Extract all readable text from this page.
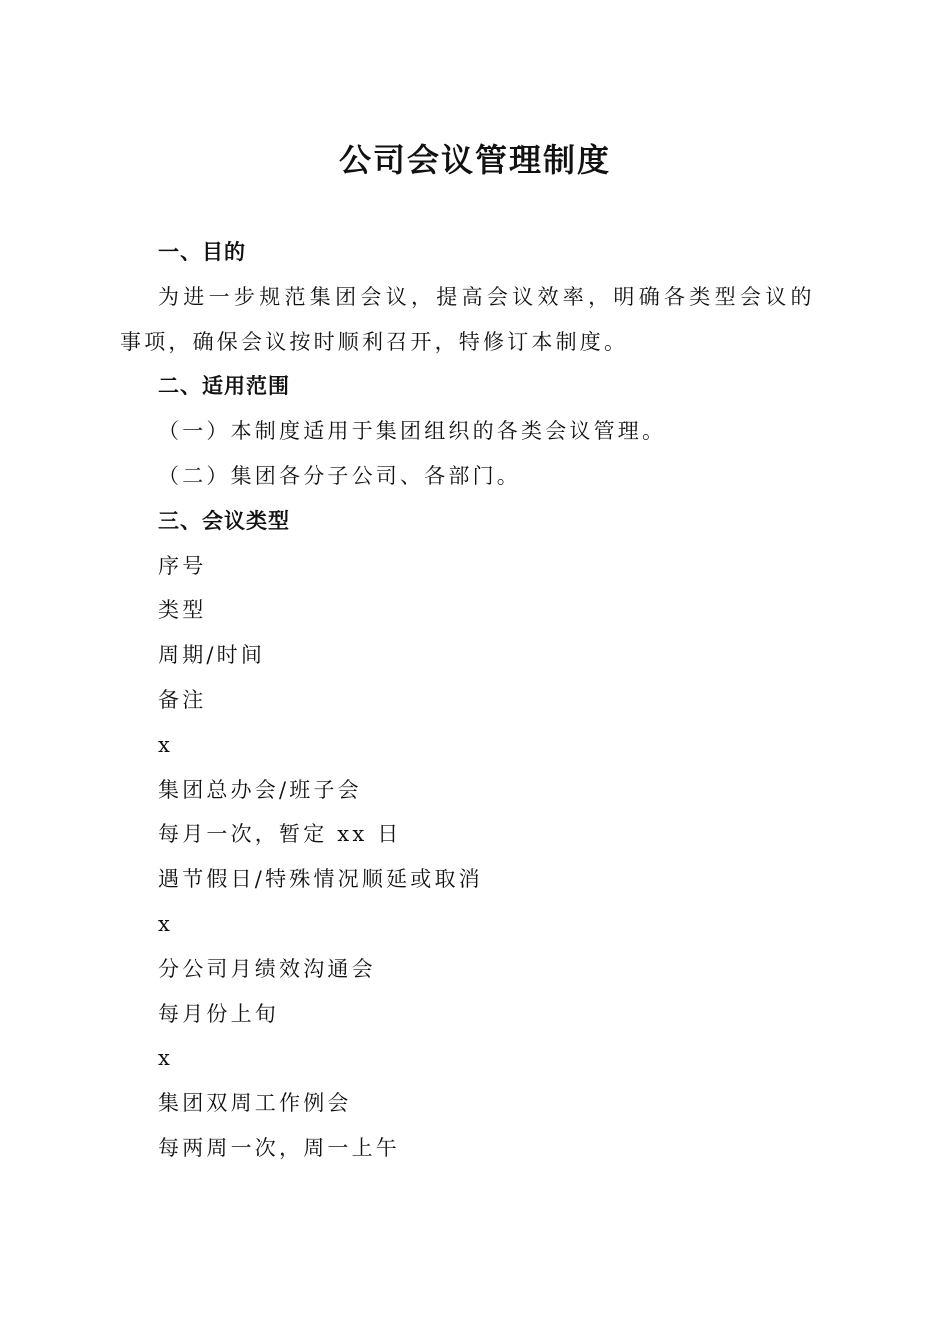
公司会议管理制度
一、目的
为进一步规范集团会议，提高会议效率，明确各类型会议的
事项，确保会议按时顺利召开，特修订本制度。
二、适用范围
（一）本制度适用于集团组织的各类会议管理。
（二）集团各分子公司、各部门。
三、会议类型
序号
类型
周期/时间
备注
x
集团总办会/班子会
每月一次，暂定 xx 日
遇节假日/特殊情况顺延或取消
x
分公司月绩效沟通会
每月份上旬
x
集团双周工作例会
每两周一次，周一上午
